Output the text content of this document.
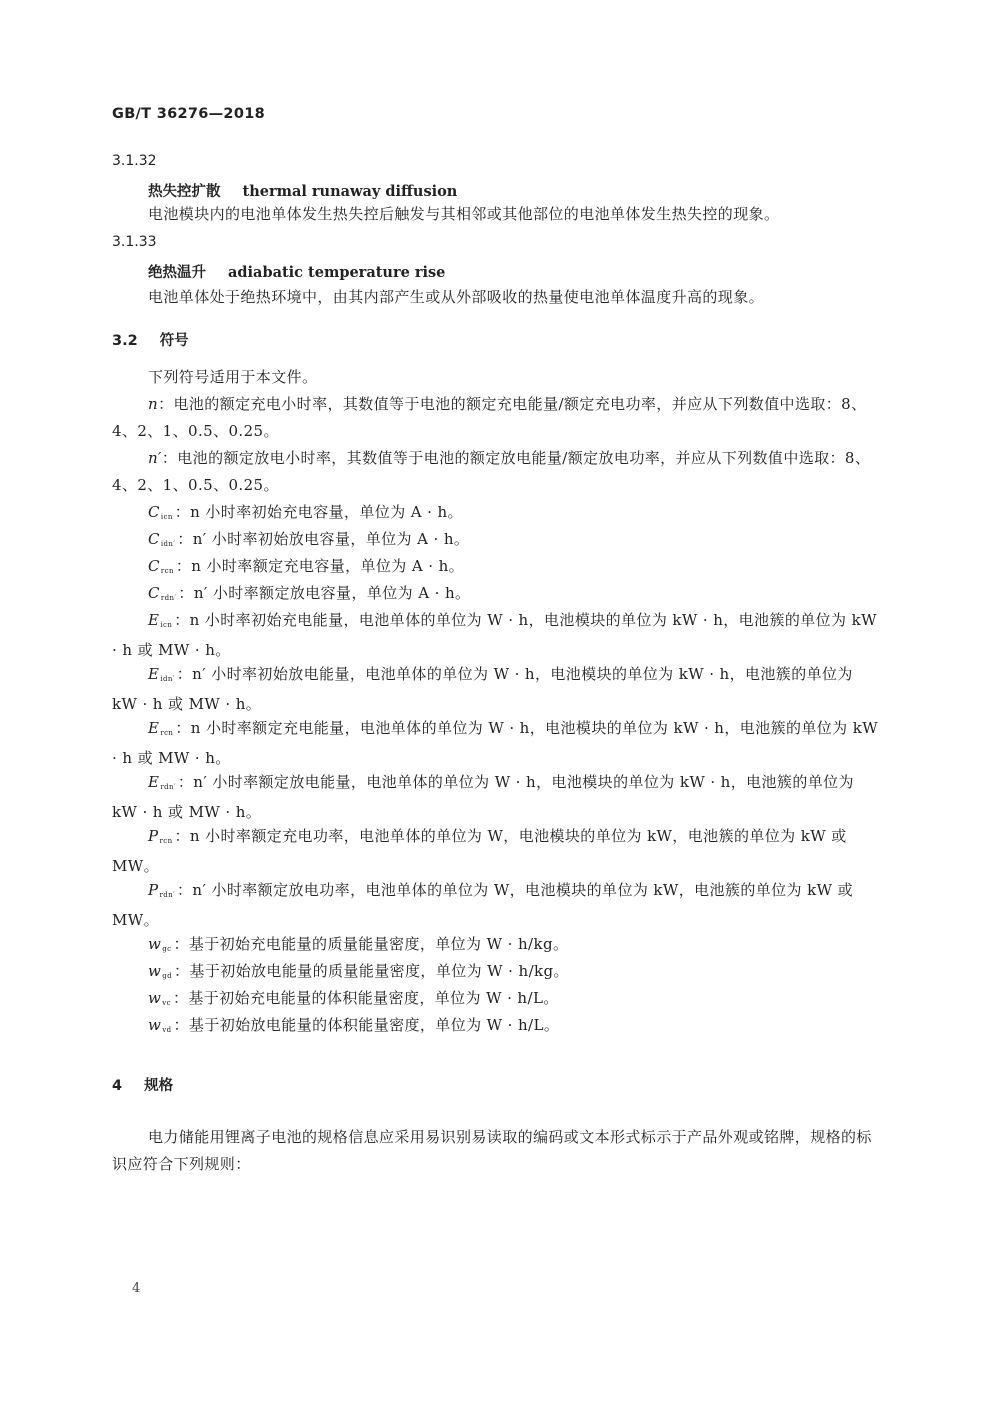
GB/T 36276—2018
3.1.32
热失控扩散 thermal runaway diffusion
电池模块内的电池单体发生热失控后触发与其相邻或其他部位的电池单体发生热失控的现象。
3.1.33
绝热温升 adiabatic temperature rise
电池单体处于绝热环境中，由其内部产生或从外部吸收的热量使电池单体温度升高的现象。
3.2 符号
下列符号适用于本文件。
n：电池的额定充电小时率，其数值等于电池的额定充电能量/额定充电功率，并应从下列数值中选取：8、4、2、1、0.5、0.25。
n′：电池的额定放电小时率，其数值等于电池的额定放电能量/额定放电功率，并应从下列数值中选取：8、4、2、1、0.5、0.25。
Cicn ：n 小时率初始充电容量，单位为 A · h。
Cidn′ ：n′ 小时率初始放电容量，单位为 A · h。
Crcn ：n 小时率额定充电容量，单位为 A · h。
Crdn′ ：n′ 小时率额定放电容量，单位为 A · h。
Eicn ：n 小时率初始充电能量，电池单体的单位为 W · h，电池模块的单位为 kW · h，电池簇的单位为 kW · h 或 MW · h。
Eidn′ ：n′ 小时率初始放电能量，电池单体的单位为 W · h，电池模块的单位为 kW · h，电池簇的单位为 kW · h 或 MW · h。
Ercn ：n 小时率额定充电能量，电池单体的单位为 W · h，电池模块的单位为 kW · h，电池簇的单位为 kW · h 或 MW · h。
Erdn′ ：n′ 小时率额定放电能量，电池单体的单位为 W · h，电池模块的单位为 kW · h，电池簇的单位为 kW · h 或 MW · h。
Prcn ：n 小时率额定充电功率，电池单体的单位为 W，电池模块的单位为 kW，电池簇的单位为 kW 或 MW。
Prdn′ ：n′ 小时率额定放电功率，电池单体的单位为 W，电池模块的单位为 kW，电池簇的单位为 kW 或 MW。
wgc ：基于初始充电能量的质量能量密度，单位为 W · h/kg。
wgd ：基于初始放电能量的质量能量密度，单位为 W · h/kg。
wvc ：基于初始充电能量的体积能量密度，单位为 W · h/L。
wvd ：基于初始放电能量的体积能量密度，单位为 W · h/L。
4 规格
电力储能用锂离子电池的规格信息应采用易识别易读取的编码或文本形式标示于产品外观或铭牌，规格的标识应符合下列规则：
4
